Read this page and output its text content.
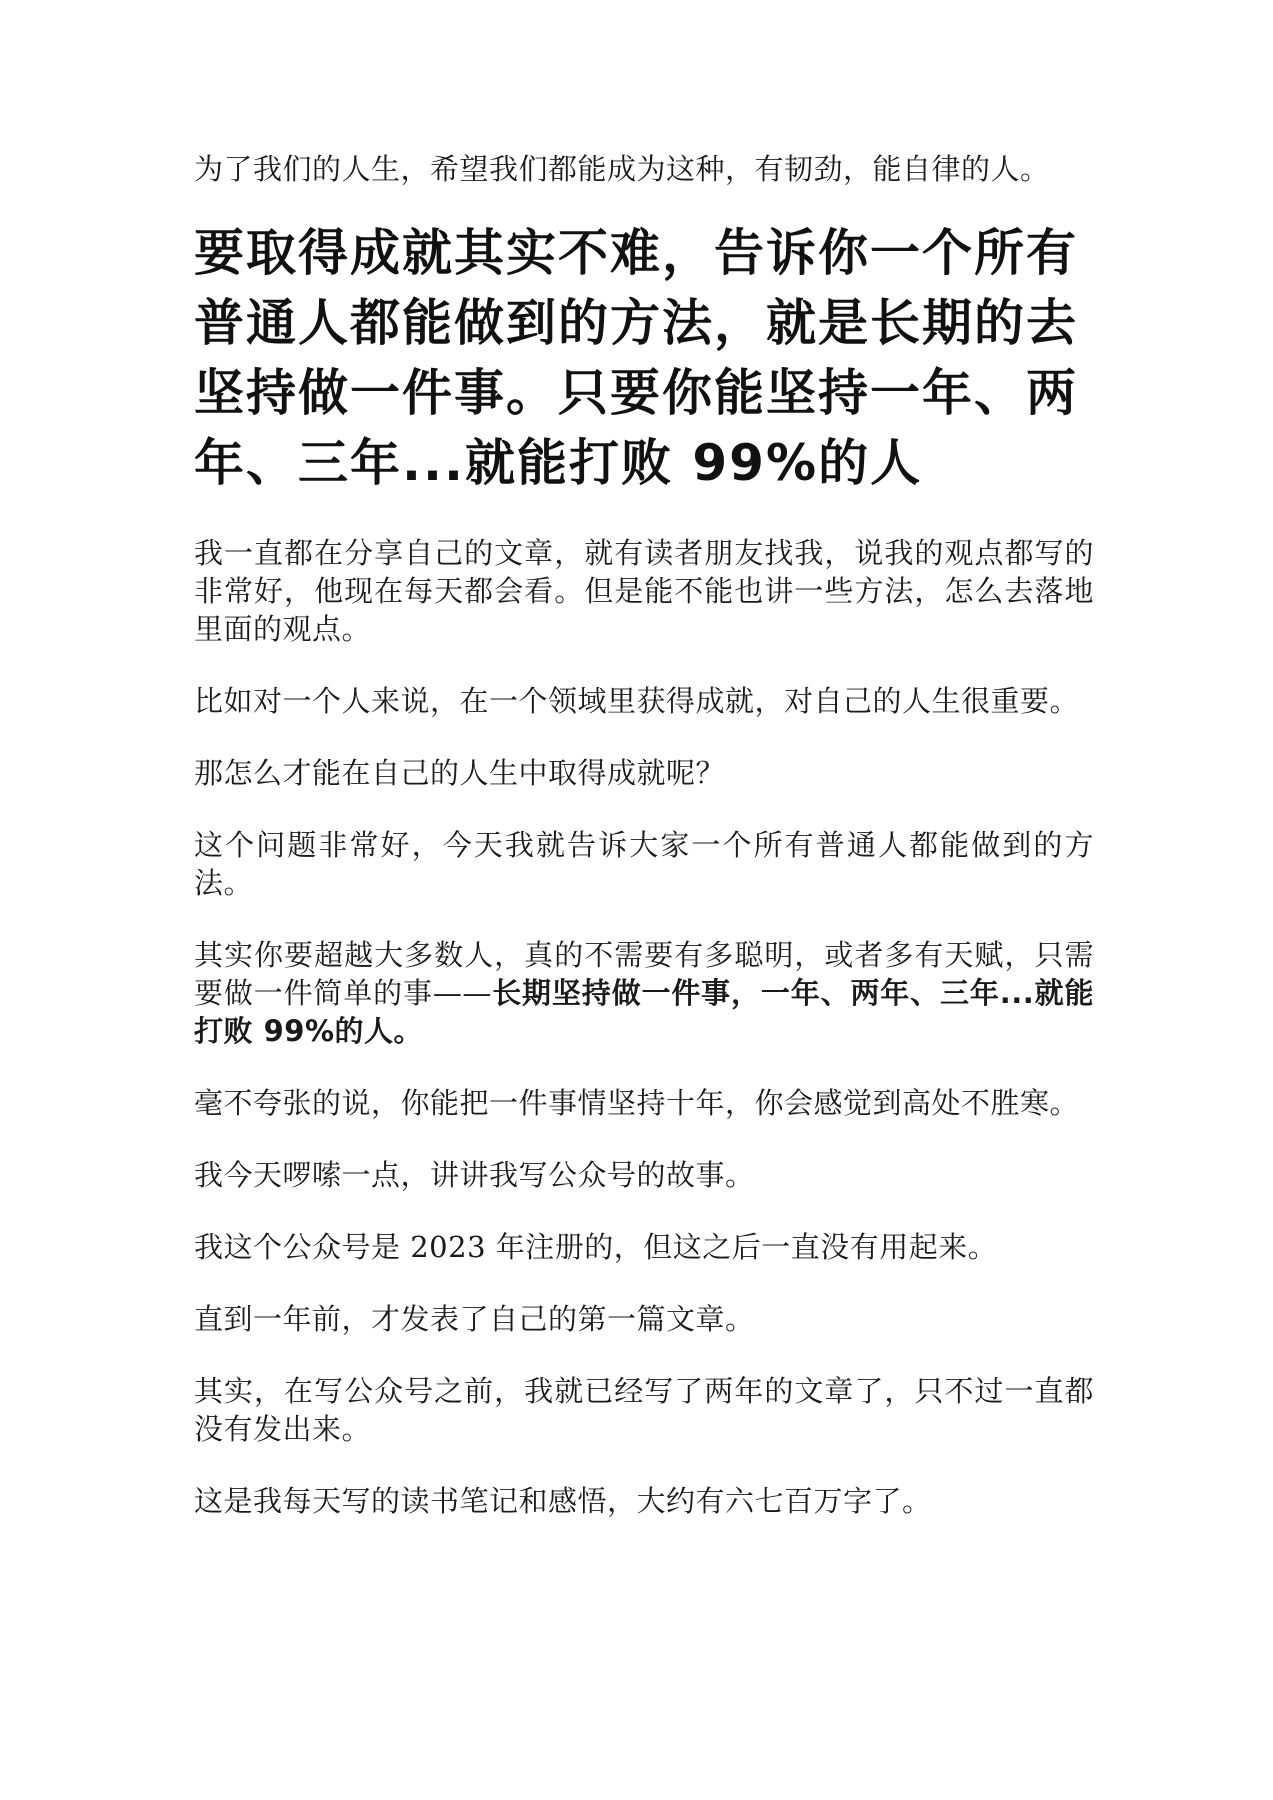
为了我们的人生，希望我们都能成为这种，有韧劲，能自律的人。

要取得成就其实不难，告诉你一个所有普通人都能做到的方法，就是长期的去坚持做一件事。只要你能坚持一年、两年、三年...就能打败 99%的人

我一直都在分享自己的文章，就有读者朋友找我，说我的观点都写的非常好，他现在每天都会看。但是能不能也讲一些方法，怎么去落地里面的观点。

比如对一个人来说，在一个领域里获得成就，对自己的人生很重要。

那怎么才能在自己的人生中取得成就呢？

这个问题非常好，今天我就告诉大家一个所有普通人都能做到的方法。

其实你要超越大多数人，真的不需要有多聪明，或者多有天赋，只需要做一件简单的事——长期坚持做一件事，一年、两年、三年...就能打败 99%的人。

毫不夸张的说，你能把一件事情坚持十年，你会感觉到高处不胜寒。

我今天啰嗦一点，讲讲我写公众号的故事。

我这个公众号是 2023 年注册的，但这之后一直没有用起来。

直到一年前，才发表了自己的第一篇文章。

其实，在写公众号之前，我就已经写了两年的文章了，只不过一直都没有发出来。

这是我每天写的读书笔记和感悟，大约有六七百万字了。
